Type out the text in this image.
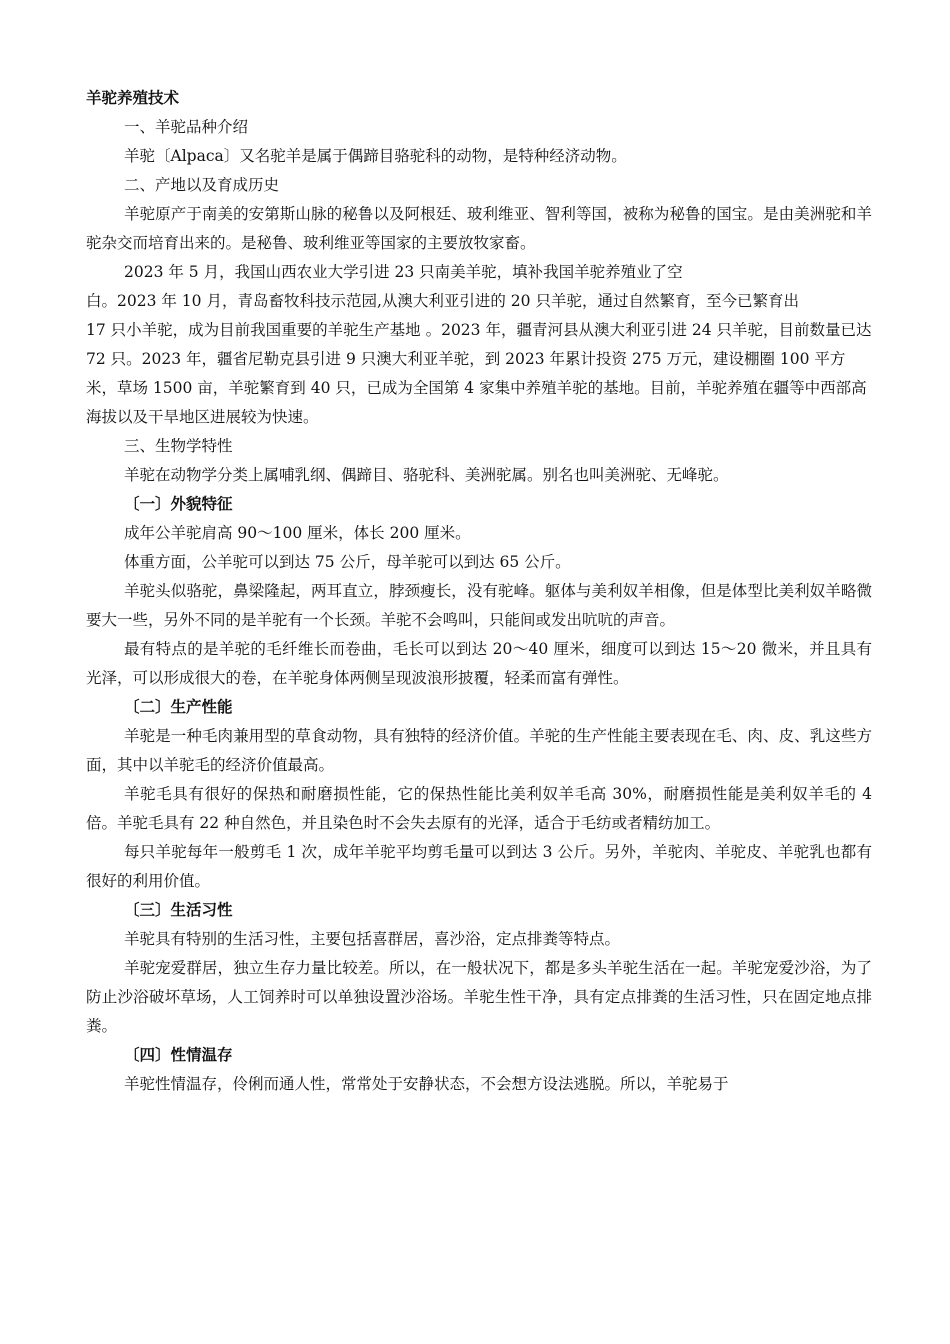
羊驼养殖技术
一、羊驼品种介绍

羊驼〔Alpaca〕又名驼羊是属于偶蹄目骆驼科的动物，是特种经济动物。

二、产地以及育成历史

羊驼原产于南美的安第斯山脉的秘鲁以及阿根廷、玻利维亚、智利等国，被称为秘鲁的国宝。是由美洲驼和羊驼杂交而培育出来的。是秘鲁、玻利维亚等国家的主要放牧家畜。

2023 年 5 月，我国山西农业大学引进 23 只南美羊驼，填补我国羊驼养殖业了空

白。2023 年 10 月，青岛畜牧科技示范园,从澳大利亚引进的 20 只羊驼，通过自然繁育，至今已繁育出

17 只小羊驼，成为目前我国重要的羊驼生产基地 。2023 年，疆青河县从澳大利亚引进 24 只羊驼，目前数量已达 72 只。2023 年，疆省尼勒克县引进 9 只澳大利亚羊驼，到 2023 年累计投资 275 万元，建设棚圈 100 平方米，草场 1500 亩，羊驼繁育到 40 只，已成为全国第 4 家集中养殖羊驼的基地。目前，羊驼养殖在疆等中西部高海拔以及干旱地区进展较为快速。

三、生物学特性

羊驼在动物学分类上属哺乳纲、偶蹄目、骆驼科、美洲驼属。别名也叫美洲驼、无峰驼。

〔一〕外貌特征

成年公羊驼肩高 90～100 厘米，体长 200 厘米。

体重方面，公羊驼可以到达 75 公斤，母羊驼可以到达 65 公斤。

羊驼头似骆驼，鼻梁隆起，两耳直立，脖颈瘦长，没有驼峰。躯体与美利奴羊相像，但是体型比美利奴羊略微要大一些，另外不同的是羊驼有一个长颈。羊驼不会鸣叫，只能间或发出吭吭的声音。

最有特点的是羊驼的毛纤维长而卷曲，毛长可以到达 20～40 厘米，细度可以到达 15～20 微米，并且具有光泽，可以形成很大的卷，在羊驼身体两侧呈现波浪形披覆，轻柔而富有弹性。

〔二〕生产性能

羊驼是一种毛肉兼用型的草食动物，具有独特的经济价值。羊驼的生产性能主要表现在毛、肉、皮、乳这些方面，其中以羊驼毛的经济价值最高。

羊驼毛具有很好的保热和耐磨损性能，它的保热性能比美利奴羊毛高 30%，耐磨损性能是美利奴羊毛的 4 倍。羊驼毛具有 22 种自然色，并且染色时不会失去原有的光泽，适合于毛纺或者精纺加工。

每只羊驼每年一般剪毛 1 次，成年羊驼平均剪毛量可以到达 3 公斤。另外，羊驼肉、羊驼皮、羊驼乳也都有很好的利用价值。

〔三〕生活习性

羊驼具有特别的生活习性，主要包括喜群居，喜沙浴，定点排粪等特点。

羊驼宠爱群居，独立生存力量比较差。所以，在一般状况下，都是多头羊驼生活在一起。羊驼宠爱沙浴，为了防止沙浴破坏草场，人工饲养时可以单独设置沙浴场。羊驼生性干净，具有定点排粪的生活习性，只在固定地点排粪。

〔四〕性情温存

羊驼性情温存，伶俐而通人性，常常处于安静状态，不会想方设法逃脱。所以，羊驼易于
